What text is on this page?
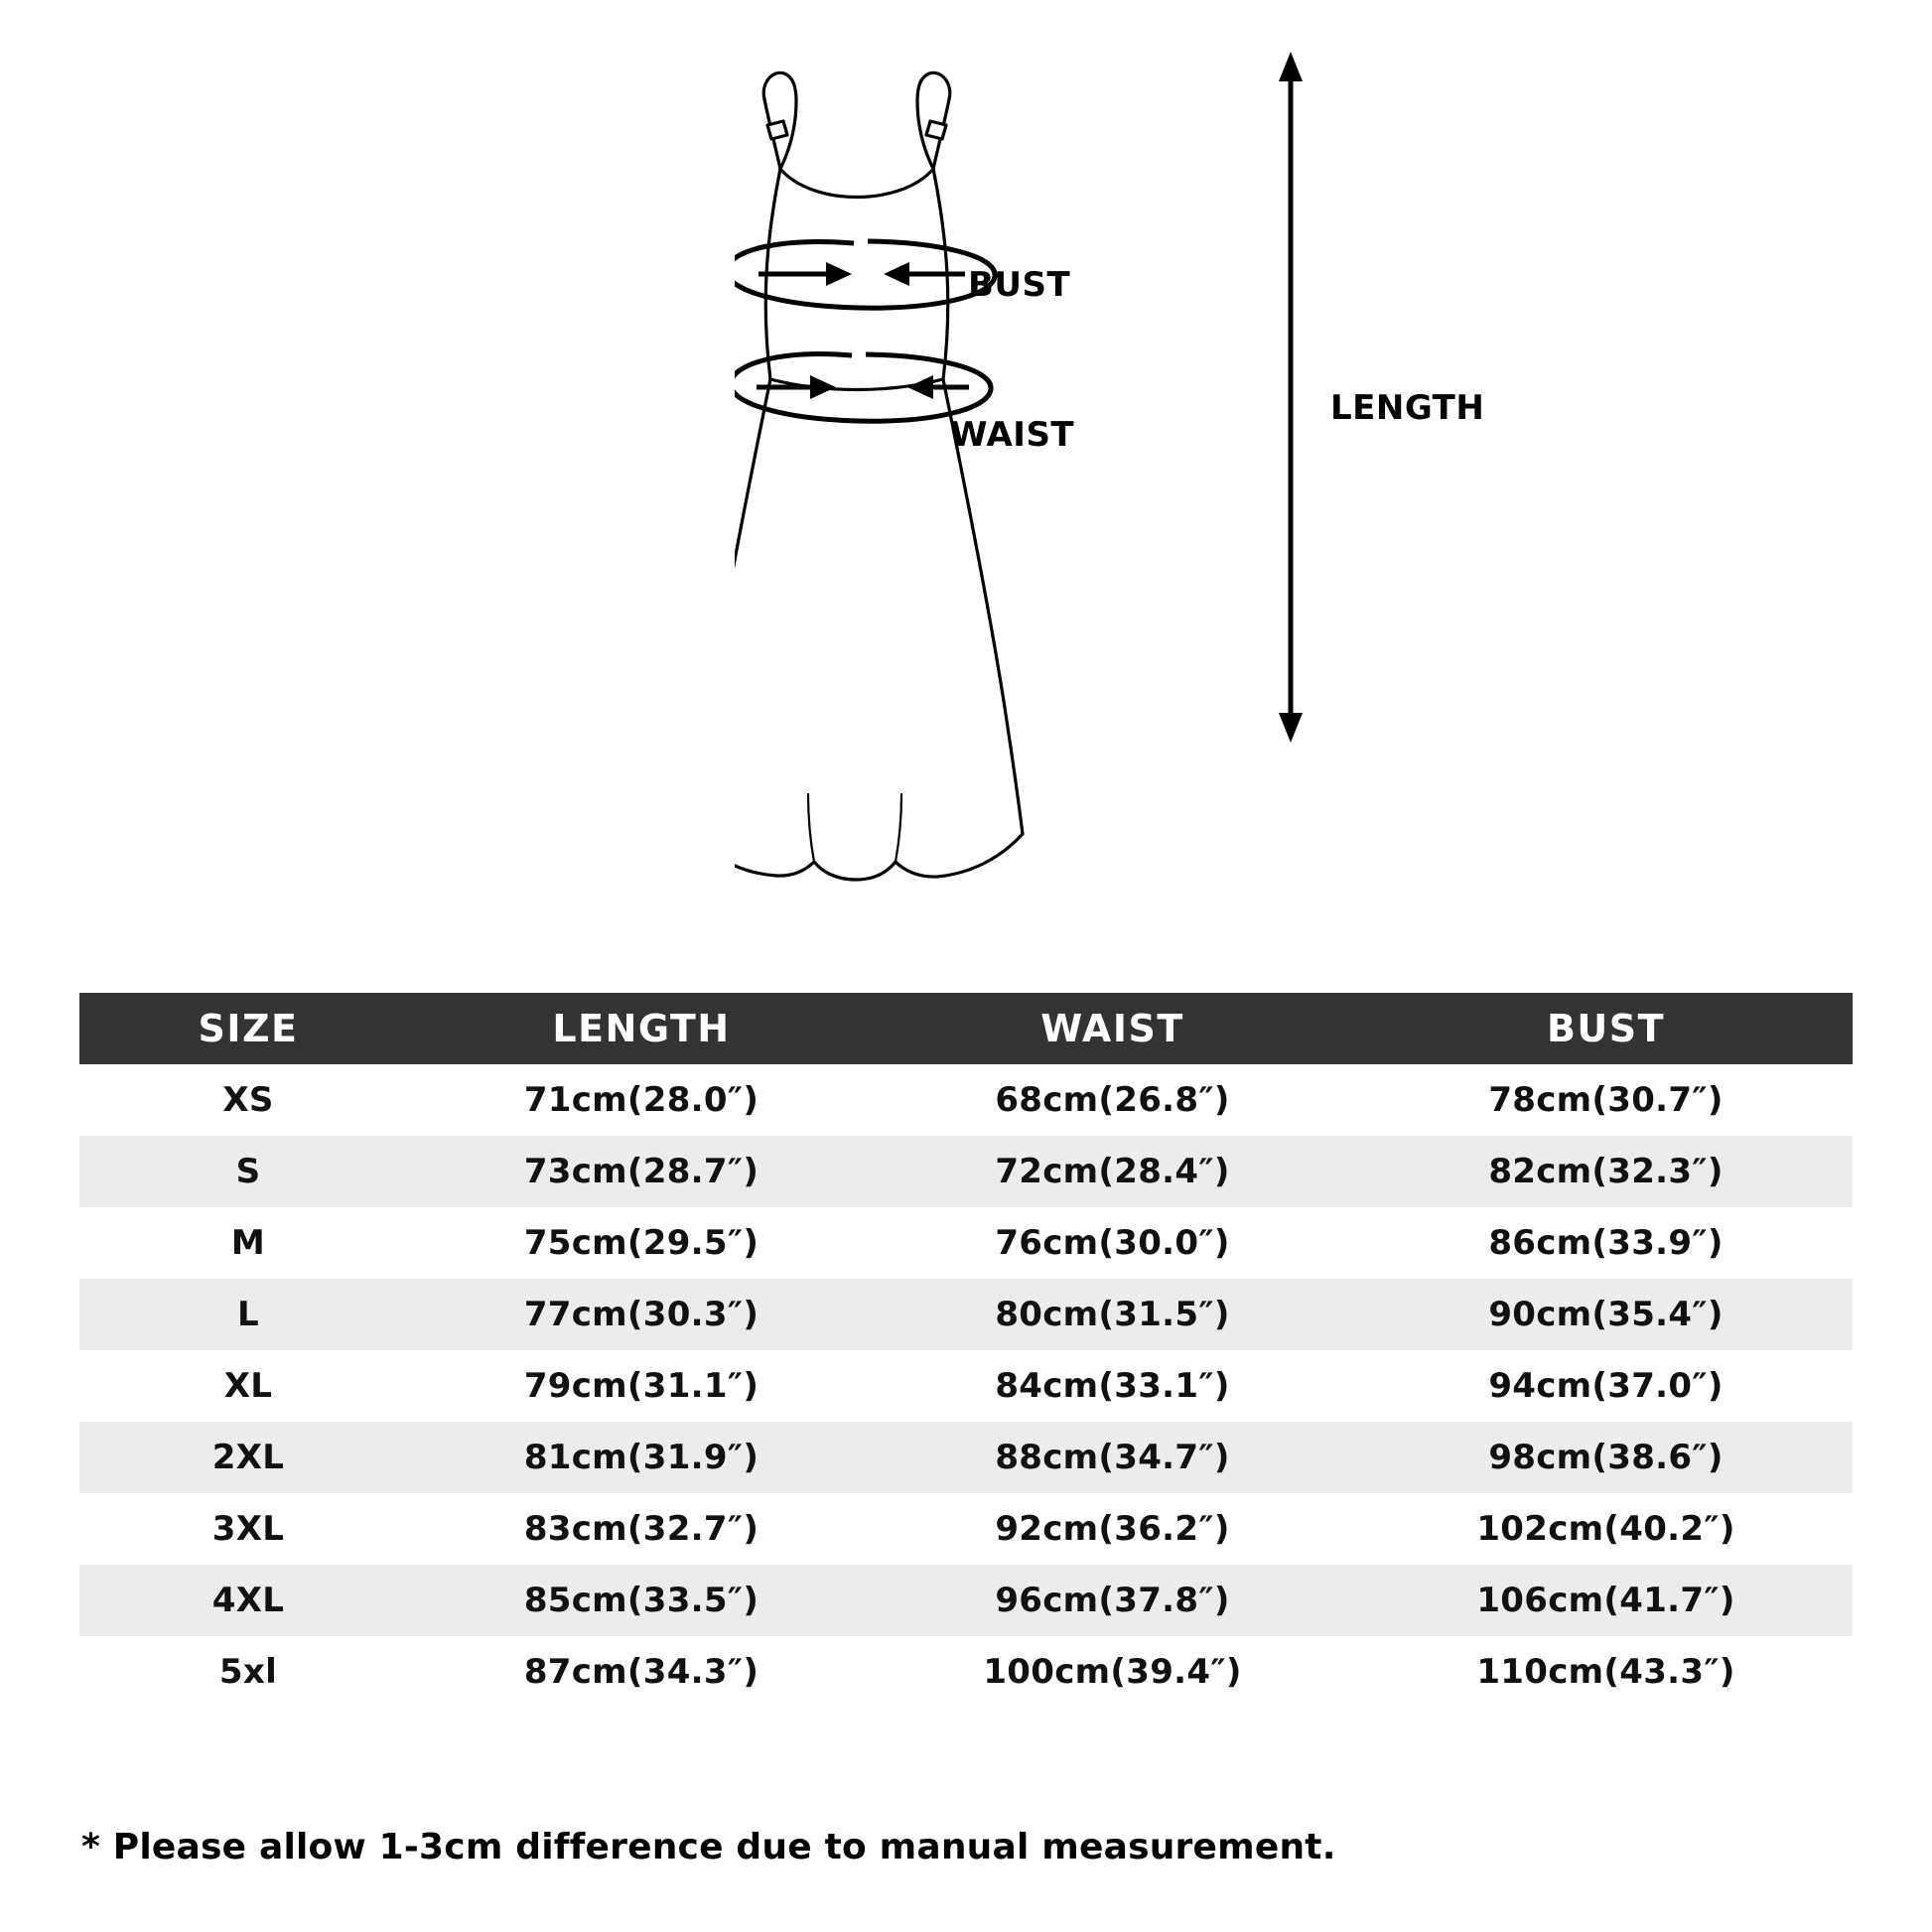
BUST
WAIST
LENGTH
SIZE	LENGTH	WAIST	BUST
XS	71cm(28.0″)	68cm(26.8″)	78cm(30.7″)
S	73cm(28.7″)	72cm(28.4″)	82cm(32.3″)
M	75cm(29.5″)	76cm(30.0″)	86cm(33.9″)
L	77cm(30.3″)	80cm(31.5″)	90cm(35.4″)
XL	79cm(31.1″)	84cm(33.1″)	94cm(37.0″)
2XL	81cm(31.9″)	88cm(34.7″)	98cm(38.6″)
3XL	83cm(32.7″)	92cm(36.2″)	102cm(40.2″)
4XL	85cm(33.5″)	96cm(37.8″)	106cm(41.7″)
5xl	87cm(34.3″)	100cm(39.4″)	110cm(43.3″)
* Please allow 1-3cm difference due to manual measurement.
